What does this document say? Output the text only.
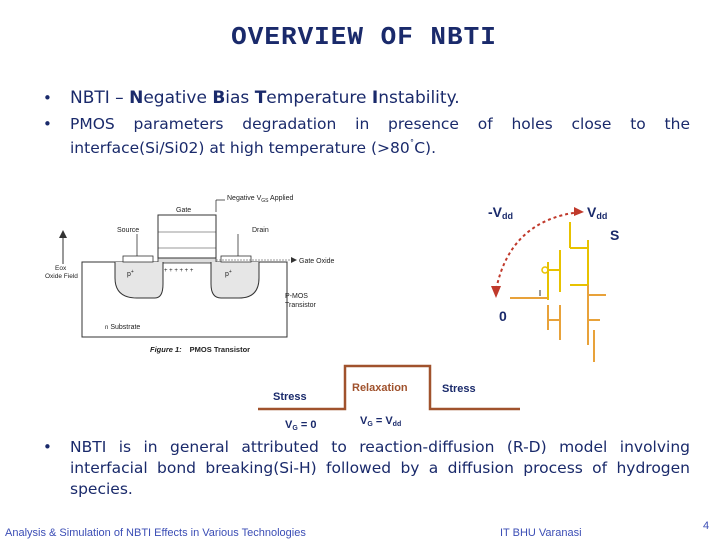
OVERVIEW OF NBTI
• NBTI – Negative Bias Temperature Instability.
• PMOS parameters degradation in presence of holes close to the
interface(Si/Si02) at high temperature (>80˚C).
Gate
Negative $V_{GS}$ Applied
Source	Drain
Gate Oxide
Eox
Oxide Field	p+	p+
+ + + + + +
P-MOS
Transistor
n Substrate
Figure 1: PMOS Transistor
-Vdd	Vdd
S
0
Stress
Relaxation	Stress
VG = 0	VG = Vdd
• NBTI is in general attributed to reaction-diffusion (R-D) model involving
interfacial bond breaking(Si-H) followed by a diffusion process of hydrogen
species.
Analysis & Simulation of NBTI Effects in Various Technologies	IT BHU Varanasi
4
